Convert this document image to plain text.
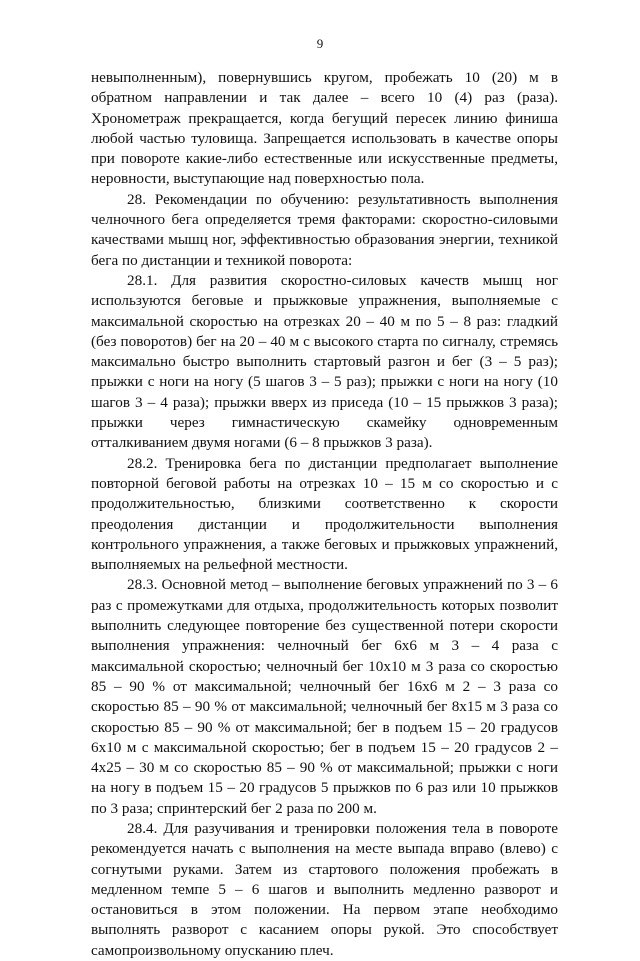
9

невыполненным), повернувшись кругом, пробежать 10 (20) м в обратном направлении и так далее – всего 10 (4) раз (разa). Хронометраж прекращается, когда бегущий пересек линию финиша любой частью туловища. Запрещается использовать в качестве опоры при повороте какие-либо естественные или искусственные предметы, неровности, выступающие над поверхностью пола.

28. Рекомендации по обучению: результативность выполнения челночного бега определяется тремя факторами: скоростно-силовыми качествами мышц ног, эффективностью образования энергии, техникой бега по дистанции и техникой поворота:

28.1. Для развития скоростно-силовых качеств мышц ног используются беговые и прыжковые упражнения, выполняемые с максимальной скоростью на отрезках 20 – 40 м по 5 – 8 раз: гладкий (без поворотов) бег на 20 – 40 м с высокого старта по сигналу, стремясь максимально быстро выполнить стартовый разгон и бег (3 – 5 раз); прыжки с ноги на ногу (5 шагов 3 – 5 раз); прыжки с ноги на ногу (10 шагов 3 – 4 раза); прыжки вверх из приседа (10 – 15 прыжков 3 раза); прыжки через гимнастическую скамейку одновременным отталкиванием двумя ногами (6 – 8 прыжков 3 раза).

28.2. Тренировка бега по дистанции предполагает выполнение повторной беговой работы на отрезках 10 – 15 м со скоростью и с продолжительностью, близкими соответственно к скорости преодоления дистанции и продолжительности выполнения контрольного упражнения, а также беговых и прыжковых упражнений, выполняемых на рельефной местности.

28.3. Основной метод – выполнение беговых упражнений по 3 – 6 раз с промежутками для отдыха, продолжительность которых позволит выполнить следующее повторение без существенной потери скорости выполнения упражнения: челночный бег 6х6 м 3 – 4 раза с максимальной скоростью; челночный бег 10х10 м 3 раза со скоростью 85 – 90 % от максимальной; челночный бег 16х6 м 2 – 3 раза со скоростью 85 – 90 % от максимальной; челночный бег 8х15 м 3 раза со скоростью 85 – 90 % от максимальной; бег в подъем 15 – 20 градусов 6х10 м с максимальной скоростью; бег в подъем 15 – 20 градусов 2 – 4х25 – 30 м со скоростью 85 – 90 % от максимальной; прыжки с ноги на ногу в подъем 15 – 20 градусов 5 прыжков по 6 раз или 10 прыжков по 3 раза; спринтерский бег 2 раза по 200 м.

28.4. Для разучивания и тренировки положения тела в повороте рекомендуется начать с выполнения на месте выпада вправо (влево) с согнутыми руками. Затем из стартового положения пробежать в медленном темпе 5 – 6 шагов и выполнить медленно разворот и остановиться в этом положении. На первом этапе необходимо выполнять разворот с касанием опоры рукой. Это способствует самопроизвольному опусканию плеч.
